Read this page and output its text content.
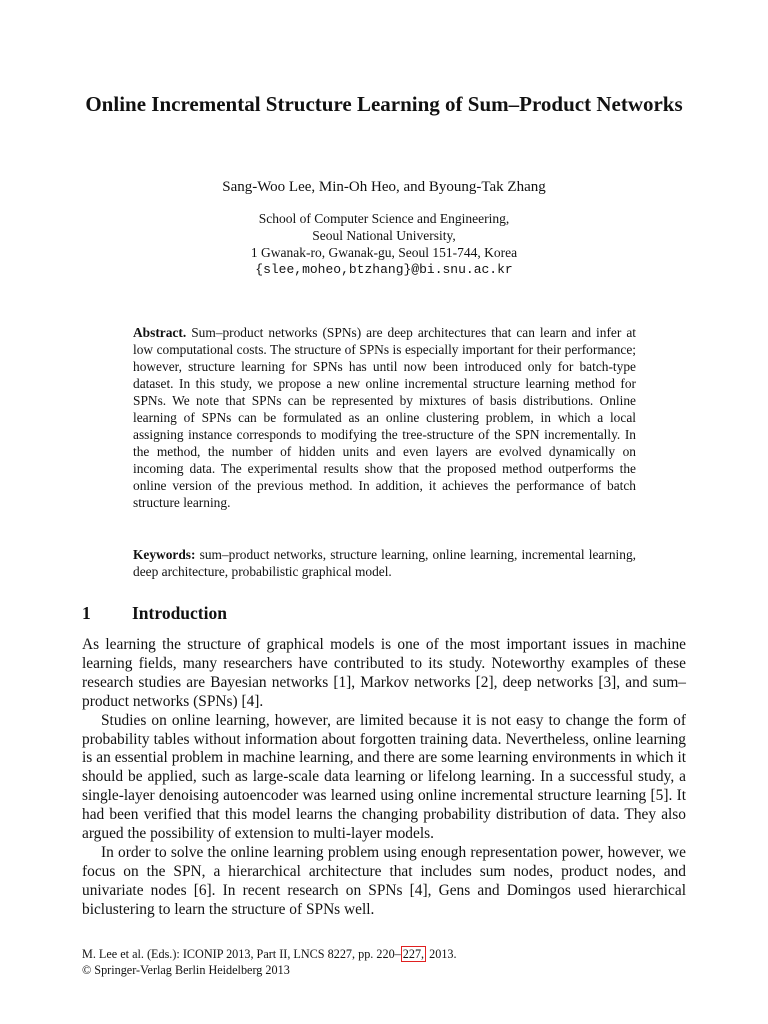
Online Incremental Structure Learning of Sum–Product Networks
Sang-Woo Lee, Min-Oh Heo, and Byoung-Tak Zhang
School of Computer Science and Engineering,
Seoul National University,
1 Gwanak-ro, Gwanak-gu, Seoul 151-744, Korea
{slee,moheo,btzhang}@bi.snu.ac.kr
Abstract. Sum–product networks (SPNs) are deep architectures that can learn and infer at low computational costs. The structure of SPNs is especially important for their performance; however, structure learning for SPNs has until now been introduced only for batch-type dataset. In this study, we propose a new online incremental structure learning method for SPNs. We note that SPNs can be represented by mixtures of basis distributions. Online learning of SPNs can be formulated as an online clustering problem, in which a local assigning instance corresponds to modifying the tree-structure of the SPN incrementally. In the method, the number of hidden units and even layers are evolved dynamically on incoming data. The experimental results show that the proposed method outperforms the online version of the previous method. In addition, it achieves the performance of batch structure learning.
Keywords: sum–product networks, structure learning, online learning, incremental learning, deep architecture, probabilistic graphical model.
1 Introduction

As learning the structure of graphical models is one of the most important issues in machine learning fields, many researchers have contributed to its study. Noteworthy examples of these research studies are Bayesian networks [1], Markov networks [2], deep networks [3], and sum–product networks (SPNs) [4].

Studies on online learning, however, are limited because it is not easy to change the form of probability tables without information about forgotten training data. Nevertheless, online learning is an essential problem in machine learning, and there are some learning environments in which it should be applied, such as large-scale data learning or lifelong learning. In a successful study, a single-layer denoising autoencoder was learned using online incremental structure learning [5]. It had been verified that this model learns the changing probability distribution of data. They also argued the possibility of extension to multi-layer models.

In order to solve the online learning problem using enough representation power, however, we focus on the SPN, a hierarchical architecture that includes sum nodes, product nodes, and univariate nodes [6]. In recent research on SPNs [4], Gens and Domingos used hierarchical biclustering to learn the structure of SPNs well.

M. Lee et al. (Eds.): ICONIP 2013, Part II, LNCS 8227, pp. 220– 227, 2013.
© Springer-Verlag Berlin Heidelberg 2013
